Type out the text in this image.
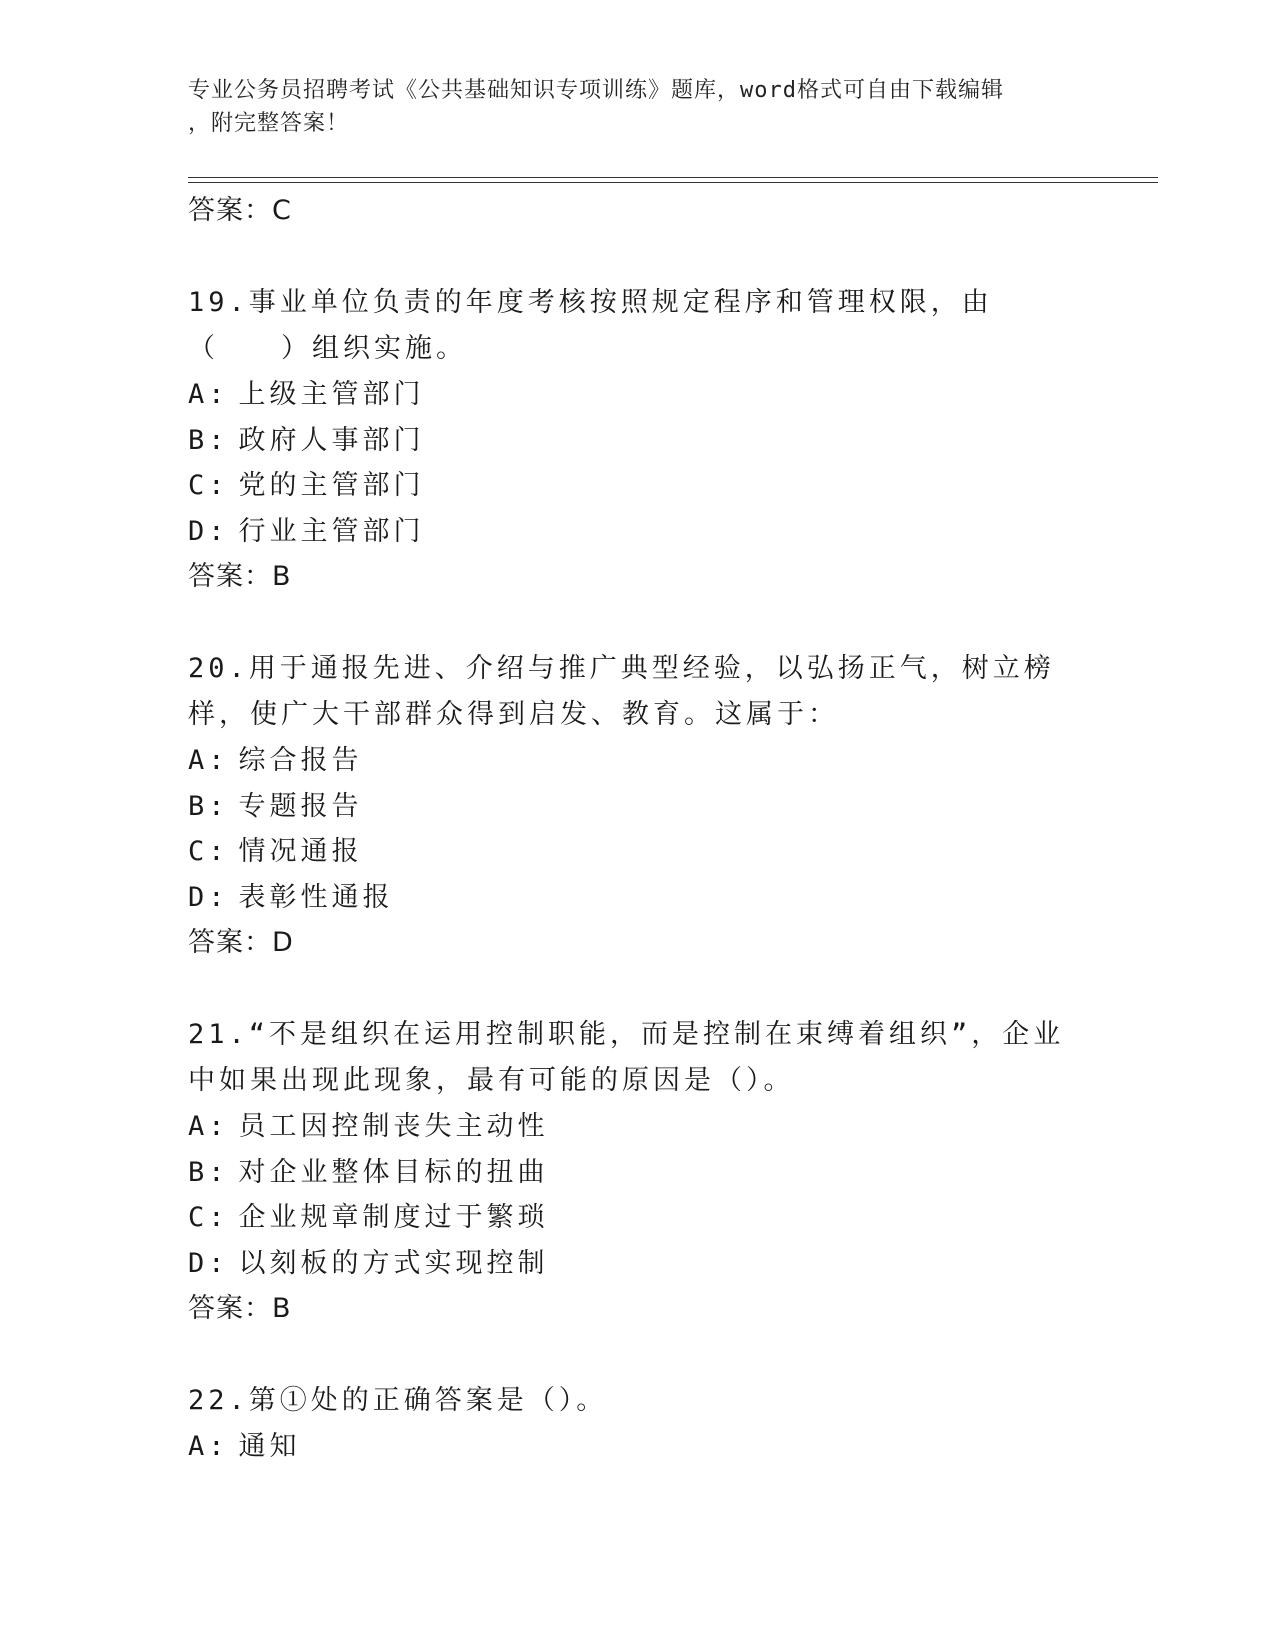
专业公务员招聘考试《公共基础知识专项训练》题库，word格式可自由下载编辑
，附完整答案！
答案：C
19.事业单位负责的年度考核按照规定程序和管理权限，由（　　）组织实施。
A: 上级主管部门
B: 政府人事部门
C: 党的主管部门
D: 行业主管部门
答案：B
20.用于通报先进、介绍与推广典型经验，以弘扬正气，树立榜样，使广大干部群众得到启发、教育。这属于：
A: 综合报告
B: 专题报告
C: 情况通报
D: 表彰性通报
答案：D
21.“不是组织在运用控制职能，而是控制在束缚着组织”，企业中如果出现此现象，最有可能的原因是（）。
A: 员工因控制丧失主动性
B: 对企业整体目标的扭曲
C: 企业规章制度过于繁琐
D: 以刻板的方式实现控制
答案：B
22.第①处的正确答案是（）。
A: 通知
